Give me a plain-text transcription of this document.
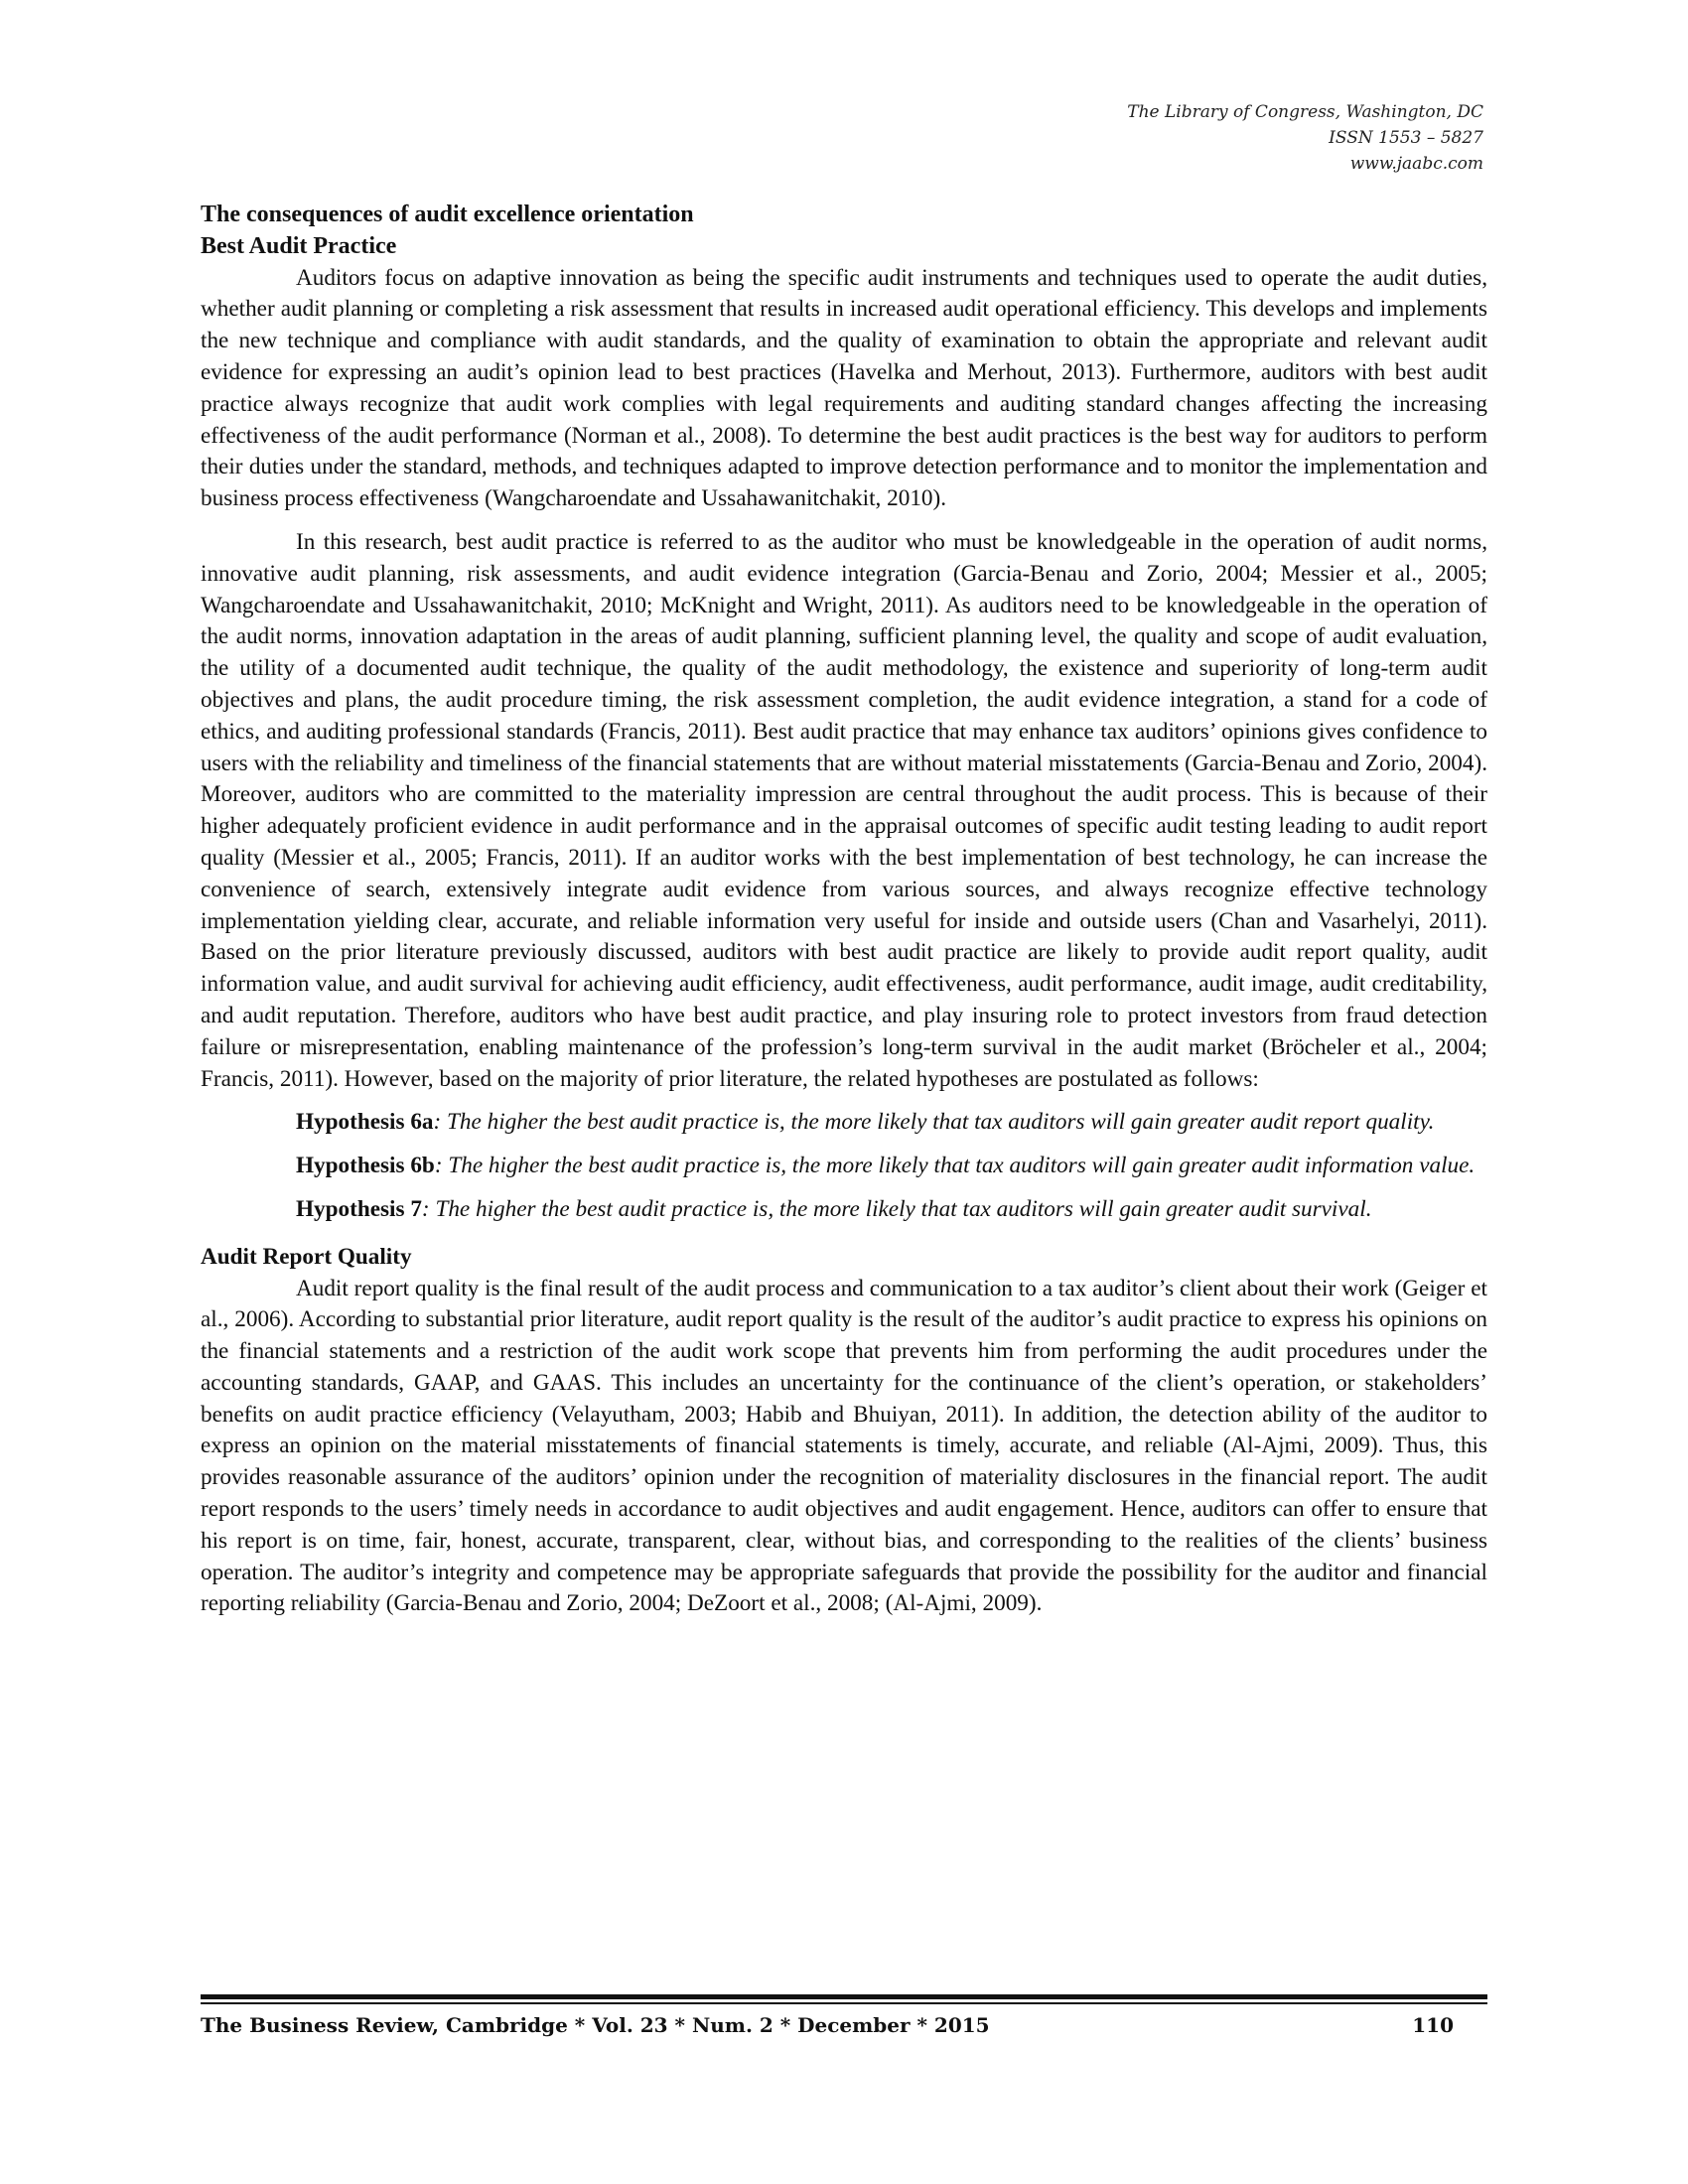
The Library of Congress, Washington, DC
ISSN 1553 – 5827
www.jaabc.com
The consequences of audit excellence orientation
Best Audit Practice

Auditors focus on adaptive innovation as being the specific audit instruments and techniques used to operate the audit duties, whether audit planning or completing a risk assessment that results in increased audit operational efficiency. This develops and implements the new technique and compliance with audit standards, and the quality of examination to obtain the appropriate and relevant audit evidence for expressing an audit’s opinion lead to best practices (Havelka and Merhout, 2013). Furthermore, auditors with best audit practice always recognize that audit work complies with legal requirements and auditing standard changes affecting the increasing effectiveness of the audit performance (Norman et al., 2008). To determine the best audit practices is the best way for auditors to perform their duties under the standard, methods, and techniques adapted to improve detection performance and to monitor the implementation and business process effectiveness (Wangcharoendate and Ussahawanitchakit, 2010).

In this research, best audit practice is referred to as the auditor who must be knowledgeable in the operation of audit norms, innovative audit planning, risk assessments, and audit evidence integration (Garcia-Benau and Zorio, 2004; Messier et al., 2005; Wangcharoendate and Ussahawanitchakit, 2010; McKnight and Wright, 2011). As auditors need to be knowledgeable in the operation of the audit norms, innovation adaptation in the areas of audit planning, sufficient planning level, the quality and scope of audit evaluation, the utility of a documented audit technique, the quality of the audit methodology, the existence and superiority of long-term audit objectives and plans, the audit procedure timing, the risk assessment completion, the audit evidence integration, a stand for a code of ethics, and auditing professional standards (Francis, 2011). Best audit practice that may enhance tax auditors’ opinions gives confidence to users with the reliability and timeliness of the financial statements that are without material misstatements (Garcia-Benau and Zorio, 2004). Moreover, auditors who are committed to the materiality impression are central throughout the audit process. This is because of their higher adequately proficient evidence in audit performance and in the appraisal outcomes of specific audit testing leading to audit report quality (Messier et al., 2005; Francis, 2011). If an auditor works with the best implementation of best technology, he can increase the convenience of search, extensively integrate audit evidence from various sources, and always recognize effective technology implementation yielding clear, accurate, and reliable information very useful for inside and outside users (Chan and Vasarhelyi, 2011). Based on the prior literature previously discussed, auditors with best audit practice are likely to provide audit report quality, audit information value, and audit survival for achieving audit efficiency, audit effectiveness, audit performance, audit image, audit creditability, and audit reputation. Therefore, auditors who have best audit practice, and play insuring role to protect investors from fraud detection failure or misrepresentation, enabling maintenance of the profession’s long-term survival in the audit market (Bröcheler et al., 2004; Francis, 2011). However, based on the majority of prior literature, the related hypotheses are postulated as follows:

Hypothesis 6a: The higher the best audit practice is, the more likely that tax auditors will gain greater audit report quality.
Hypothesis 6b: The higher the best audit practice is, the more likely that tax auditors will gain greater audit information value.
Hypothesis 7: The higher the best audit practice is, the more likely that tax auditors will gain greater audit survival.
Audit Report Quality

Audit report quality is the final result of the audit process and communication to a tax auditor’s client about their work (Geiger et al., 2006). According to substantial prior literature, audit report quality is the result of the auditor’s audit practice to express his opinions on the financial statements and a restriction of the audit work scope that prevents him from performing the audit procedures under the accounting standards, GAAP, and GAAS. This includes an uncertainty for the continuance of the client’s operation, or stakeholders’ benefits on audit practice efficiency (Velayutham, 2003; Habib and Bhuiyan, 2011). In addition, the detection ability of the auditor to express an opinion on the material misstatements of financial statements is timely, accurate, and reliable (Al-Ajmi, 2009). Thus, this provides reasonable assurance of the auditors’ opinion under the recognition of materiality disclosures in the financial report. The audit report responds to the users’ timely needs in accordance to audit objectives and audit engagement. Hence, auditors can offer to ensure that his report is on time, fair, honest, accurate, transparent, clear, without bias, and corresponding to the realities of the clients’ business operation. The auditor’s integrity and competence may be appropriate safeguards that provide the possibility for the auditor and financial reporting reliability (Garcia-Benau and Zorio, 2004; DeZoort et al., 2008; (Al-Ajmi, 2009).

The Business Review, Cambridge * Vol. 23 * Num. 2 * December * 2015	110
